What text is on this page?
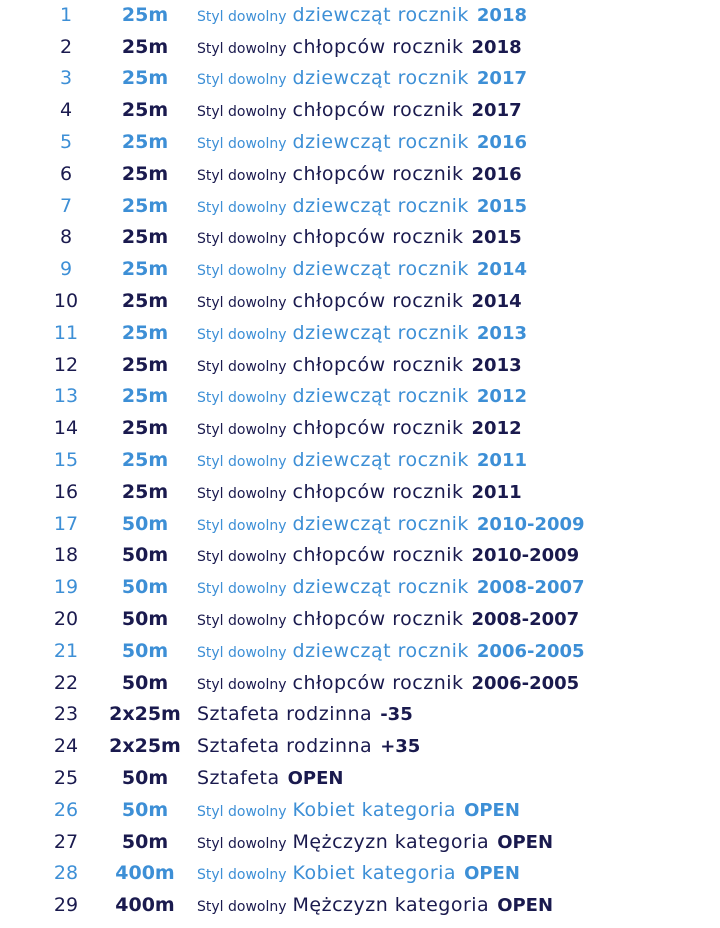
1	25m	Styl dowolny dziewcząt rocznik 2018
2	25m	Styl dowolny chłopców rocznik 2018
3	25m	Styl dowolny dziewcząt rocznik 2017
4	25m	Styl dowolny chłopców rocznik 2017
5	25m	Styl dowolny dziewcząt rocznik 2016
6	25m	Styl dowolny chłopców rocznik 2016
7	25m	Styl dowolny dziewcząt rocznik 2015
8	25m	Styl dowolny chłopców rocznik 2015
9	25m	Styl dowolny dziewcząt rocznik 2014
10	25m	Styl dowolny chłopców rocznik 2014
11	25m	Styl dowolny dziewcząt rocznik 2013
12	25m	Styl dowolny chłopców rocznik 2013
13	25m	Styl dowolny dziewcząt rocznik 2012
14	25m	Styl dowolny chłopców rocznik 2012
15	25m	Styl dowolny dziewcząt rocznik 2011
16	25m	Styl dowolny chłopców rocznik 2011
17	50m	Styl dowolny dziewcząt rocznik 2010-2009
18	50m	Styl dowolny chłopców rocznik 2010-2009
19	50m	Styl dowolny dziewcząt rocznik 2008-2007
20	50m	Styl dowolny chłopców rocznik 2008-2007
21	50m	Styl dowolny dziewcząt rocznik 2006-2005
22	50m	Styl dowolny chłopców rocznik 2006-2005
23	2x25m Sztafeta rodzinna -35
24	2x25m Sztafeta rodzinna +35
25	50m	Sztafeta OPEN
26	50m	Styl dowolny Kobiet kategoria OPEN
27	50m	Styl dowolny Mężczyzn kategoria OPEN
28	400m	Styl dowolny Kobiet kategoria OPEN
29	400m	Styl dowolny Mężczyzn kategoria OPEN
